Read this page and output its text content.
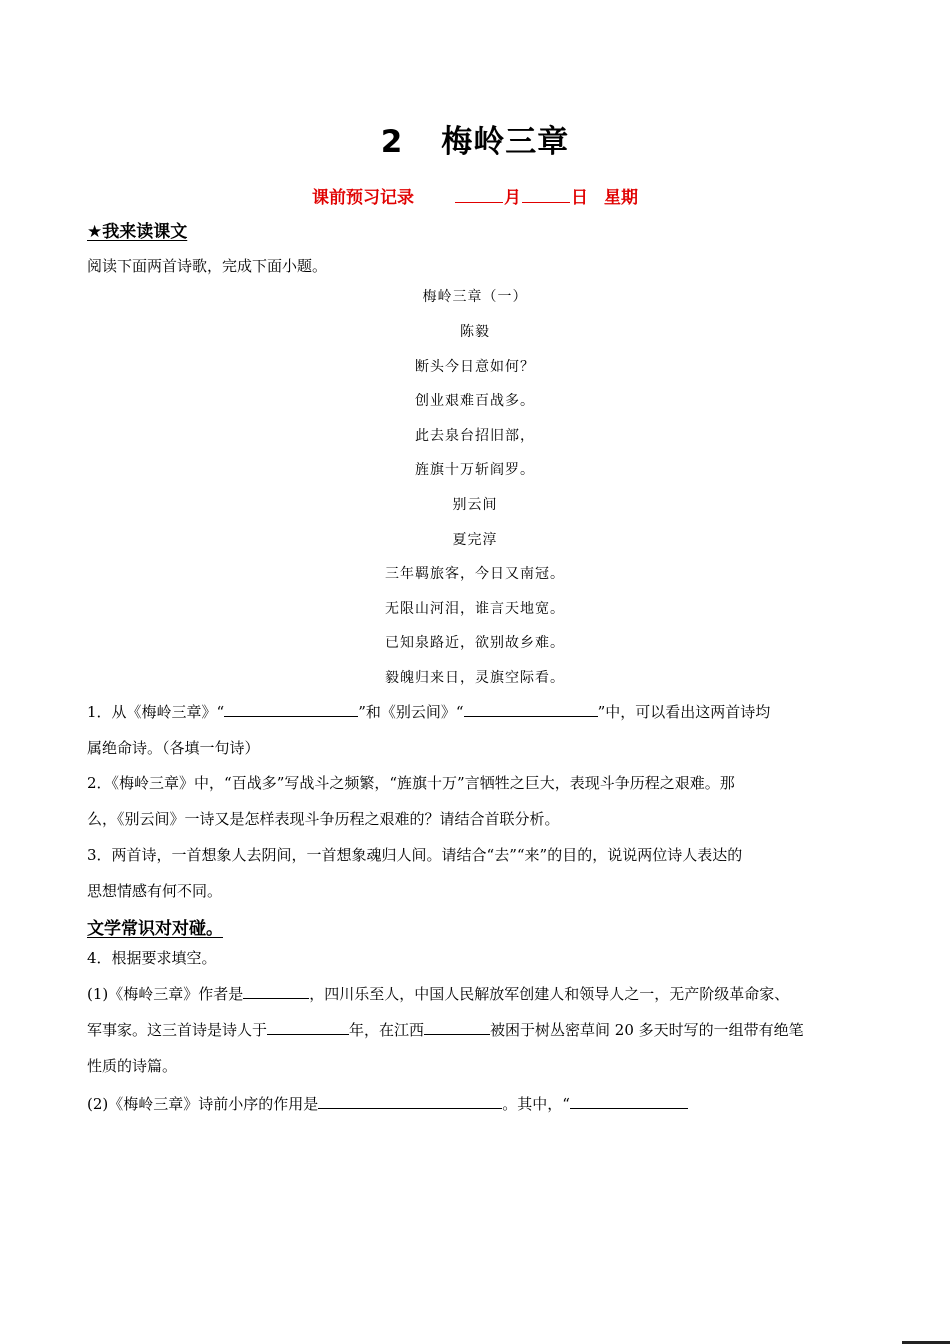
2 梅岭三章
课前预习记录	月	日 星期
★我来读课文
阅读下面两首诗歌，完成下面小题。
梅岭三章（一）
陈毅
断头今日意如何？
创业艰难百战多。
此去泉台招旧部，
旌旗十万斩阎罗。
别云间
夏完淳
三年羁旅客，今日又南冠。
无限山河泪，谁言天地宽。
已知泉路近，欲别故乡难。
毅魄归来日，灵旗空际看。
1．从《梅岭三章》“	”和《别云间》“	”中，可以看出这两首诗均
属绝命诗。（各填一句诗）
2．《梅岭三章》中，“百战多”写战斗之频繁，“旌旗十万”言牺牲之巨大，表现斗争历程之艰难。那
么，《别云间》一诗又是怎样表现斗争历程之艰难的？请结合首联分析。
3．两首诗，一首想象人去阴间，一首想象魂归人间。请结合“去”“来”的目的，说说两位诗人表达的
思想情感有何不同。
文学常识对对碰。
4．根据要求填空。
(1)《梅岭三章》作者是	，四川乐至人，中国人民解放军创建人和领导人之一，无产阶级革命家、
军事家。这三首诗是诗人于	年，在江西	被困于树丛密草间 20 多天时写的一组带有绝笔
性质的诗篇。
(2)《梅岭三章》诗前小序的作用是	。其中，“
